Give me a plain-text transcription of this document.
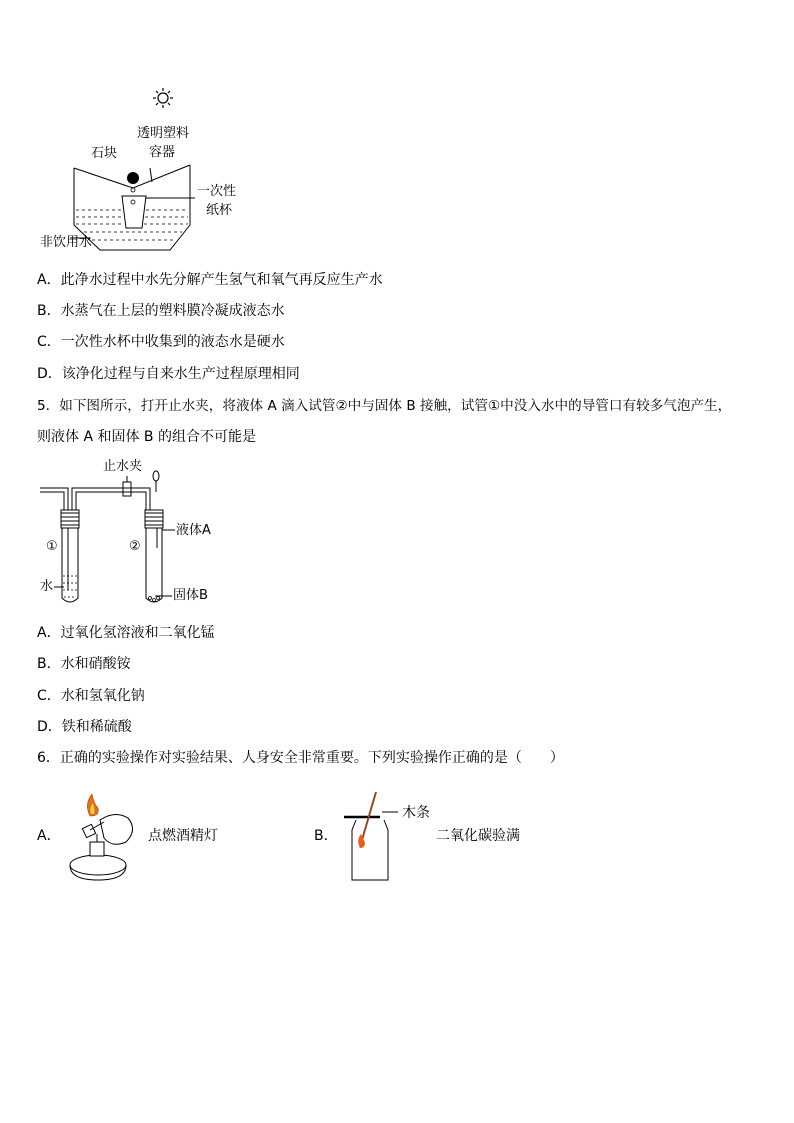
透明塑料
容器
石块
一次性
纸杯
非饮用水
A．此净水过程中水先分解产生氢气和氧气再反应生产水
B．水蒸气在上层的塑料膜冷凝成液态水
C．一次性水杯中收集到的液态水是硬水
D．该净化过程与自来水生产过程原理相同
5．如下图所示，打开止水夹，将液体 A 滴入试管②中与固体 B 接触，试管①中没入水中的导管口有较多气泡产生，
则液体 A 和固体 B 的组合不可能是
止水夹
液体A
①	②
水
固体B
A．过氧化氢溶液和二氧化锰
B．水和硝酸铵
C．水和氢氧化钠
D．铁和稀硫酸
6．正确的实验操作对实验结果、人身安全非常重要。下列实验操作正确的是（　　）
A．	点燃酒精灯	B．
木条
二氧化碳验满
